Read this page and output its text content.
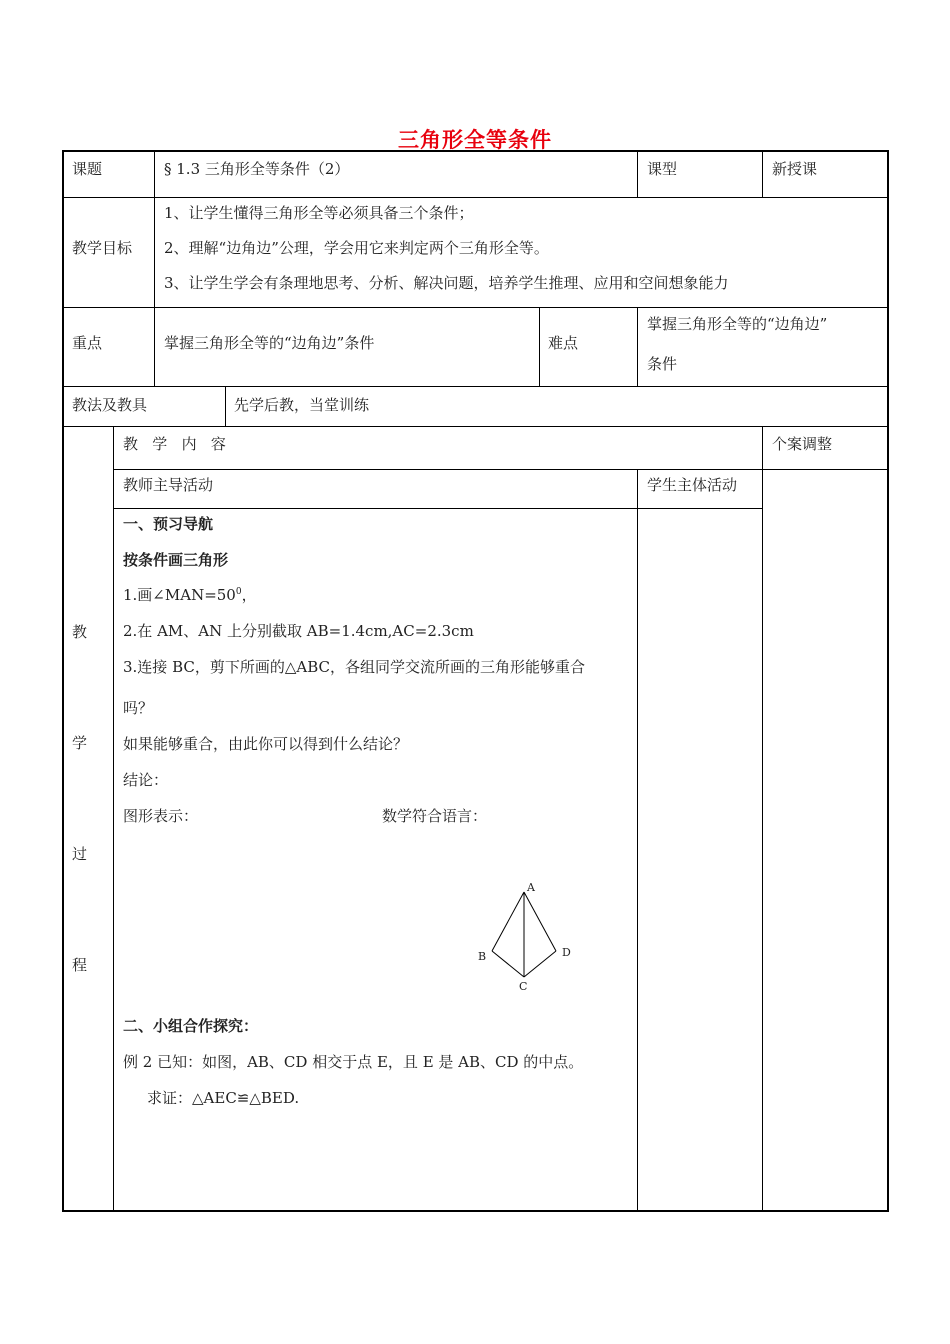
三角形全等条件
课题	§ 1.3 三角形全等条件（2）	课型	新授课
教学目标
1、让学生懂得三角形全等必须具备三个条件；
2、理解“边角边”公理，学会用它来判定两个三角形全等。
3、让学生学会有条理地思考、分析、解决问题，培养学生推理、应用和空间想象能力
重点	掌握三角形全等的“边角边”条件	难点
掌握三角形全等的“边角边”
条件
教法及教具	先学后教，当堂训练
教
学
过
程
教   学   内   容	个案调整
教师主导活动	学生主体活动
一、预习导航
按条件画三角形
1.画$\angle MAN=50^0$，
2.在 AM、AN 上分别截取 AB=1.4cm,AC=2.3cm
3.连接 BC，剪下所画的△ABC，各组同学交流所画的三角形能够重合
吗？
如果能够重合，由此你可以得到什么结论？
结论：
图形表示：	数学符合语言：
A
B
C
D
二、小组合作探究：
例 2 已知：如图，AB、CD 相交于点 E，且 E 是 AB、CD 的中点。
求证：△AEC≌△BED.
